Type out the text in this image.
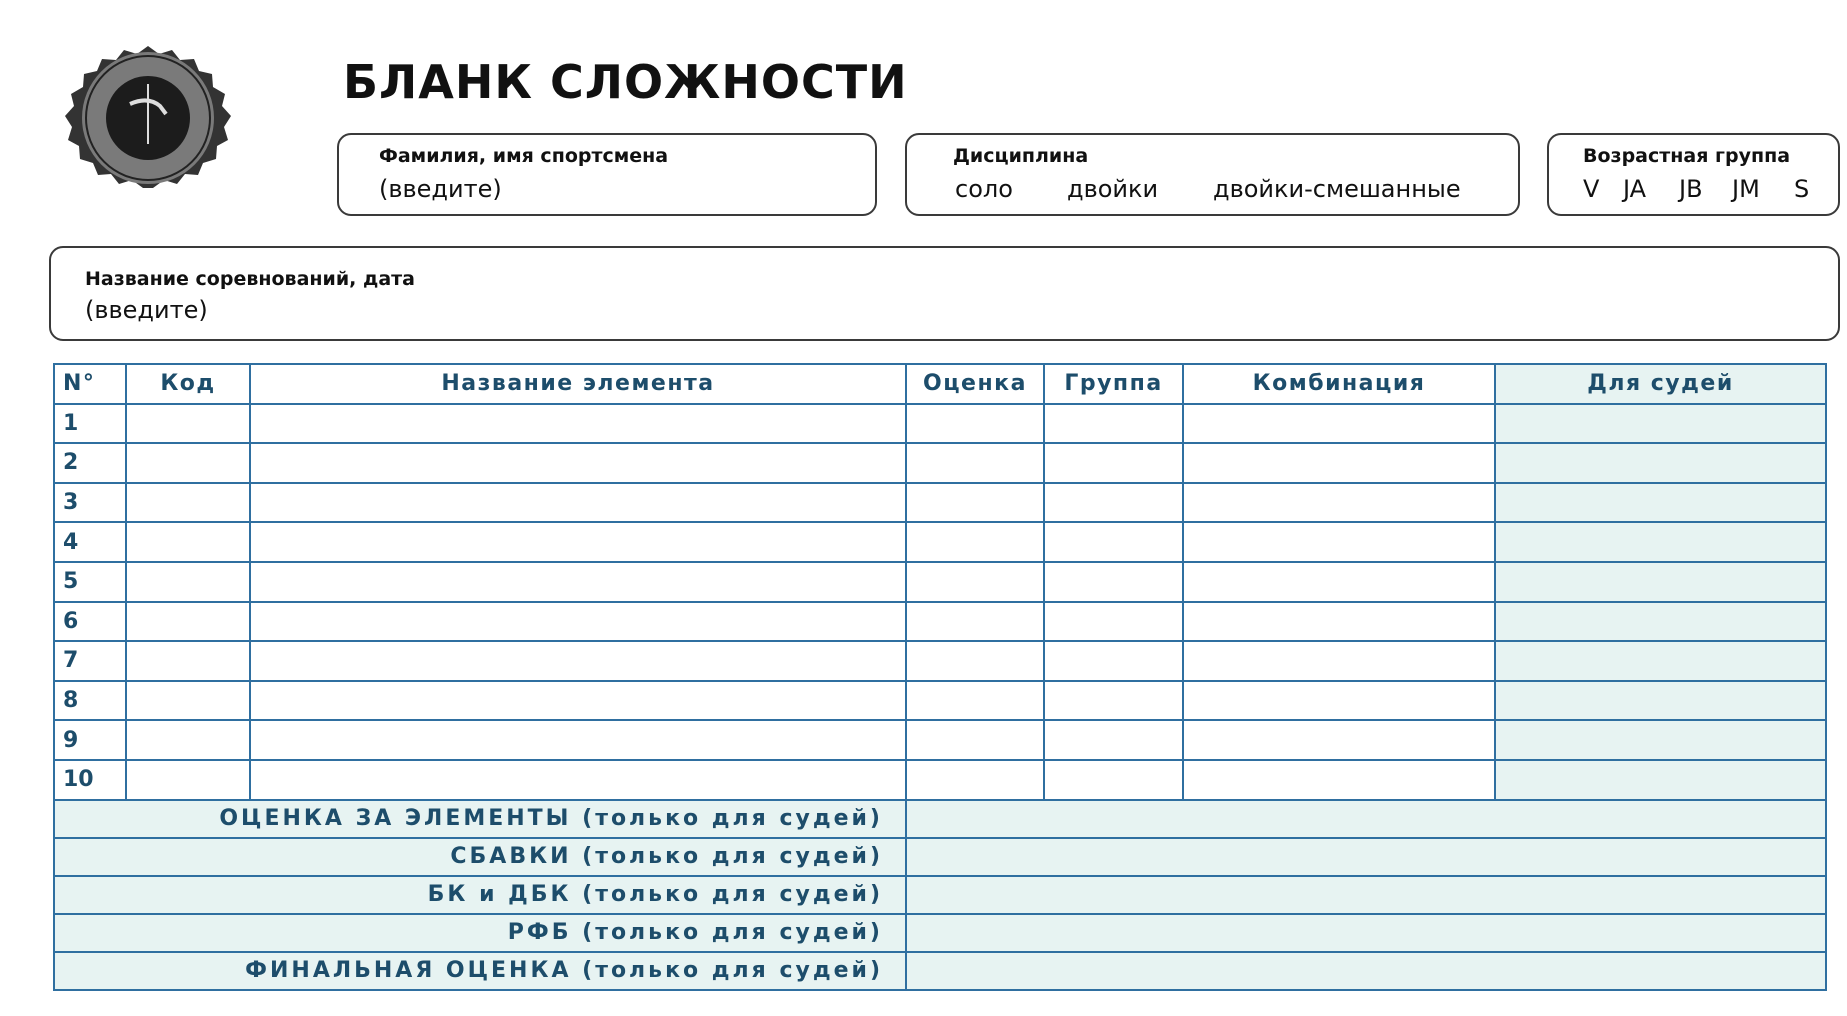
БЛАНК СЛОЖНОСТИ
Фамилия, имя спортсмена
(введите)
Дисциплина
соло двойки двойки-смешанные
Возрастная группа
V JA JB JM S
Название соревнований, дата
(введите)
N°	Код	Название элемента	Оценка	Группа	Комбинация	Для судей
1						
2						
3						
4						
5						
6						
7						
8						
9						
10						
ОЦЕНКА ЗА ЭЛЕМЕНТЫ (только для судей)						
СБАВКИ (только для судей)						
БК и ДБК (только для судей)						
РФБ (только для судей)						
ФИНАЛЬНАЯ ОЦЕНКА (только для судей)						
